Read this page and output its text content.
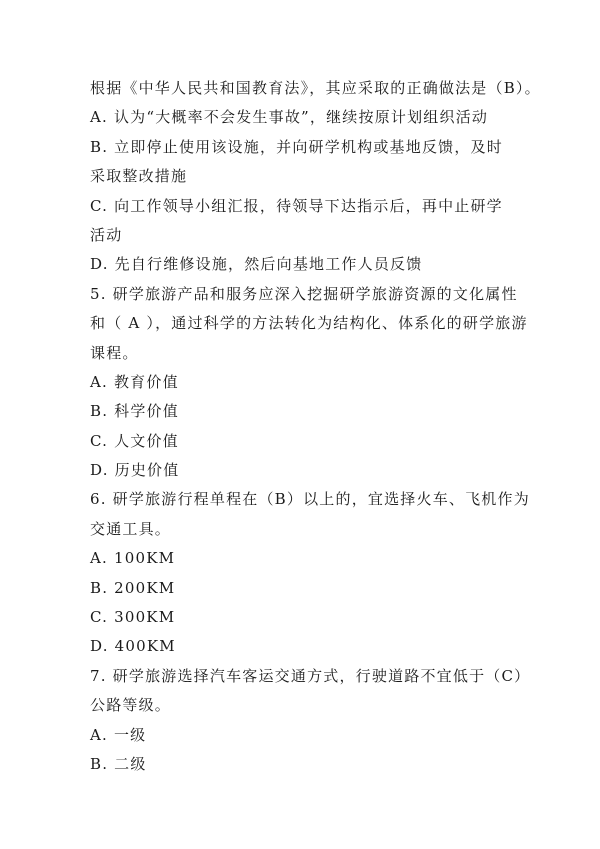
根据《中华人民共和国教育法》，其应采取的正确做法是（B）。
A. 认为“大概率不会发生事故”，继续按原计划组织活动
B. 立即停止使用该设施，并向研学机构或基地反馈，及时
采取整改措施
C. 向工作领导小组汇报，待领导下达指示后，再中止研学
活动
D. 先自行维修设施，然后向基地工作人员反馈
5. 研学旅游产品和服务应深入挖掘研学旅游资源的文化属性
和（ A ），通过科学的方法转化为结构化、体系化的研学旅游
课程。
A. 教育价值
B. 科学价值
C. 人文价值
D. 历史价值
6. 研学旅游行程单程在（B）以上的，宜选择火车、飞机作为
交通工具。
A. 100KM
B. 200KM
C. 300KM
D. 400KM
7. 研学旅游选择汽车客运交通方式，行驶道路不宜低于（C）
公路等级。
A. 一级
B. 二级
